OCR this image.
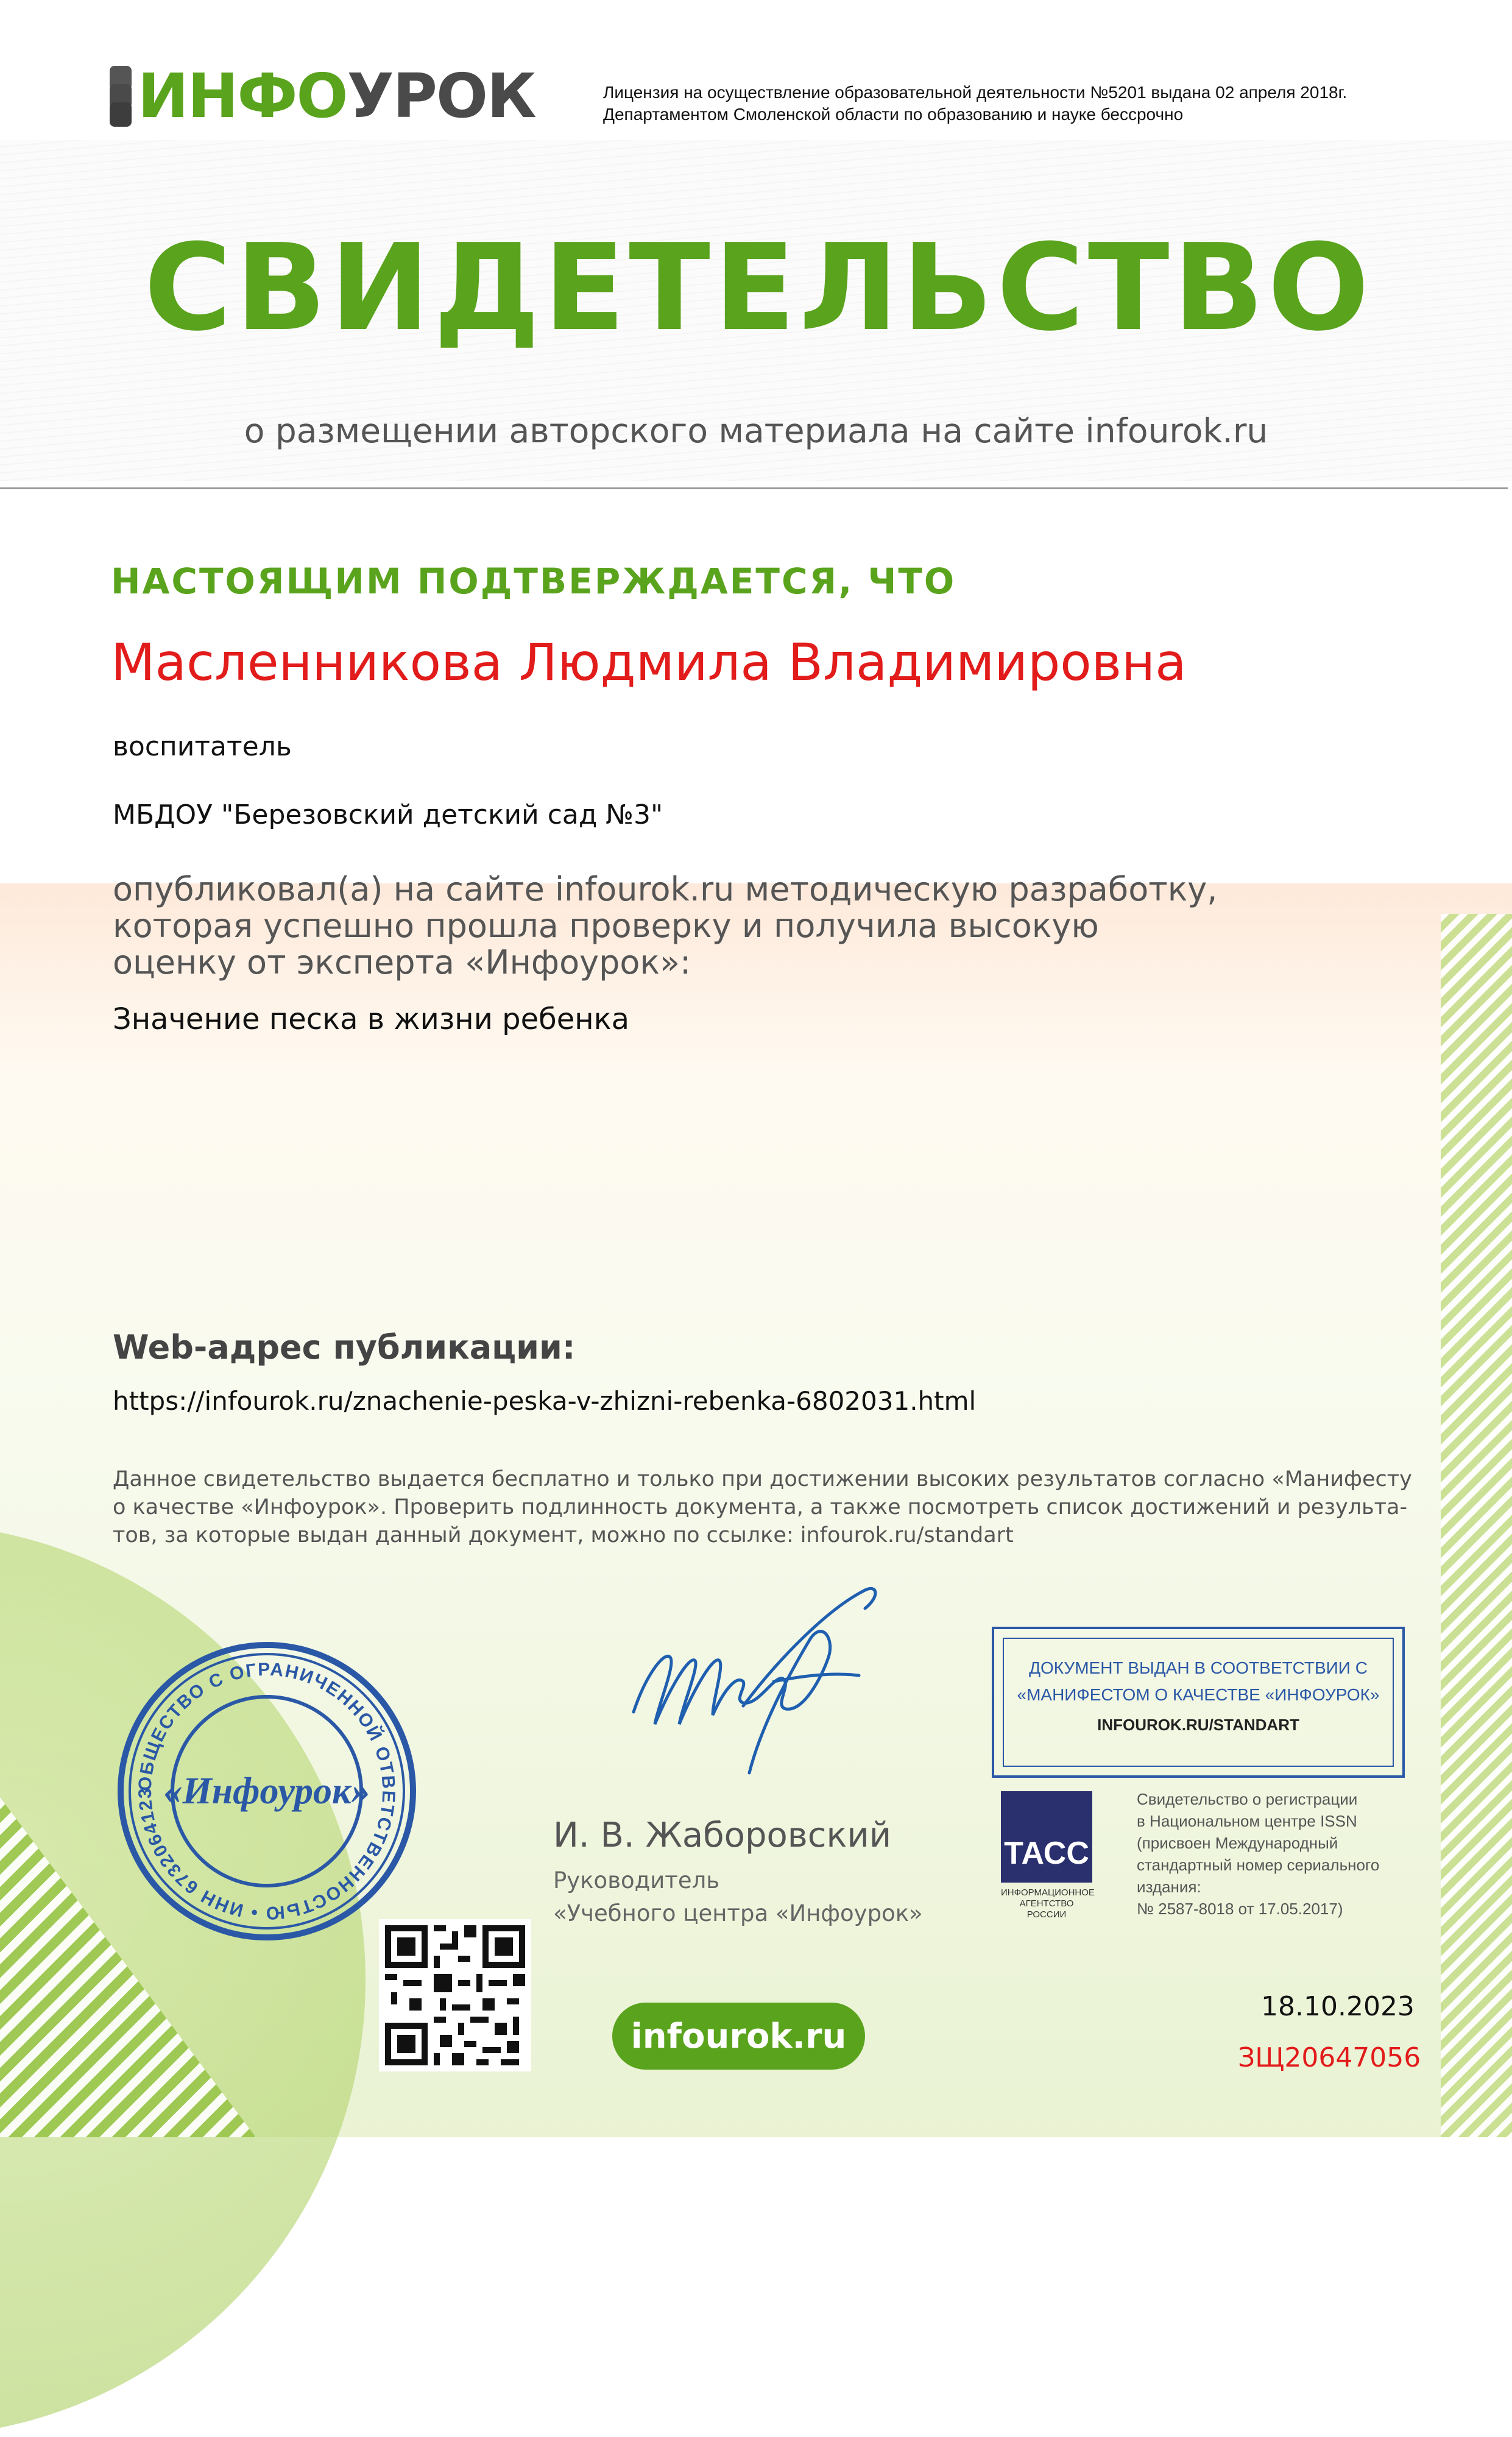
ИНФОУРОК	Лицензия на осуществление образовательной деятельности №5201 выдана 02 апреля 2018г.
Департаментом Смоленской области по образованию и науке бессрочно
СВИДЕТЕЛЬСТВО
о размещении авторского материала на сайте infourok.ru
НАСТОЯЩИМ ПОДТВЕРЖДАЕТСЯ, ЧТО
Масленникова Людмила Владимировна
воспитатель
МБДОУ "Березовский детский сад №3"
опубликовал(а) на сайте infourok.ru методическую разработку,
которая успешно прошла проверку и получила высокую
оценку от эксперта «Инфоурок»:
Значение песка в жизни ребенка
Web-адрес публикации:
https://infourok.ru/znachenie-peska-v-zhizni-rebenka-6802031.html
Данное свидетельство выдается бесплатно и только при достижении высоких результатов согласно «Манифесту
о качестве «Инфоурок». Проверить подлинность документа, а также посмотреть список достижений и результа-
тов, за которые выдан данный документ, можно по ссылке: infourok.ru/standart
ОБЩЕСТВО С ОГРАНИЧЕННОЙ ОТВЕТСТВЕННОСТЬЮ • ИНН 6732064123 «Инфоурок»
И. В. Жаборовский
Руководитель
«Учебного центра «Инфоурок»
ДОКУМЕНТ ВЫДАН В СООТВЕТСТВИИ С
«МАНИФЕСТОМ О КАЧЕСТВЕ «ИНФОУРОК»
INFOUROK.RU/STANDART
ТАСС
ИНФОРМАЦИОННОЕ
АГЕНТСТВО РОССИИ
Свидетельство о регистрации
в Национальном центре ISSN
(присвоен Международный
стандартный номер сериального
издания:
№ 2587-8018 от 17.05.2017)
infourok.ru
18.10.2023
ЗЩ20647056
